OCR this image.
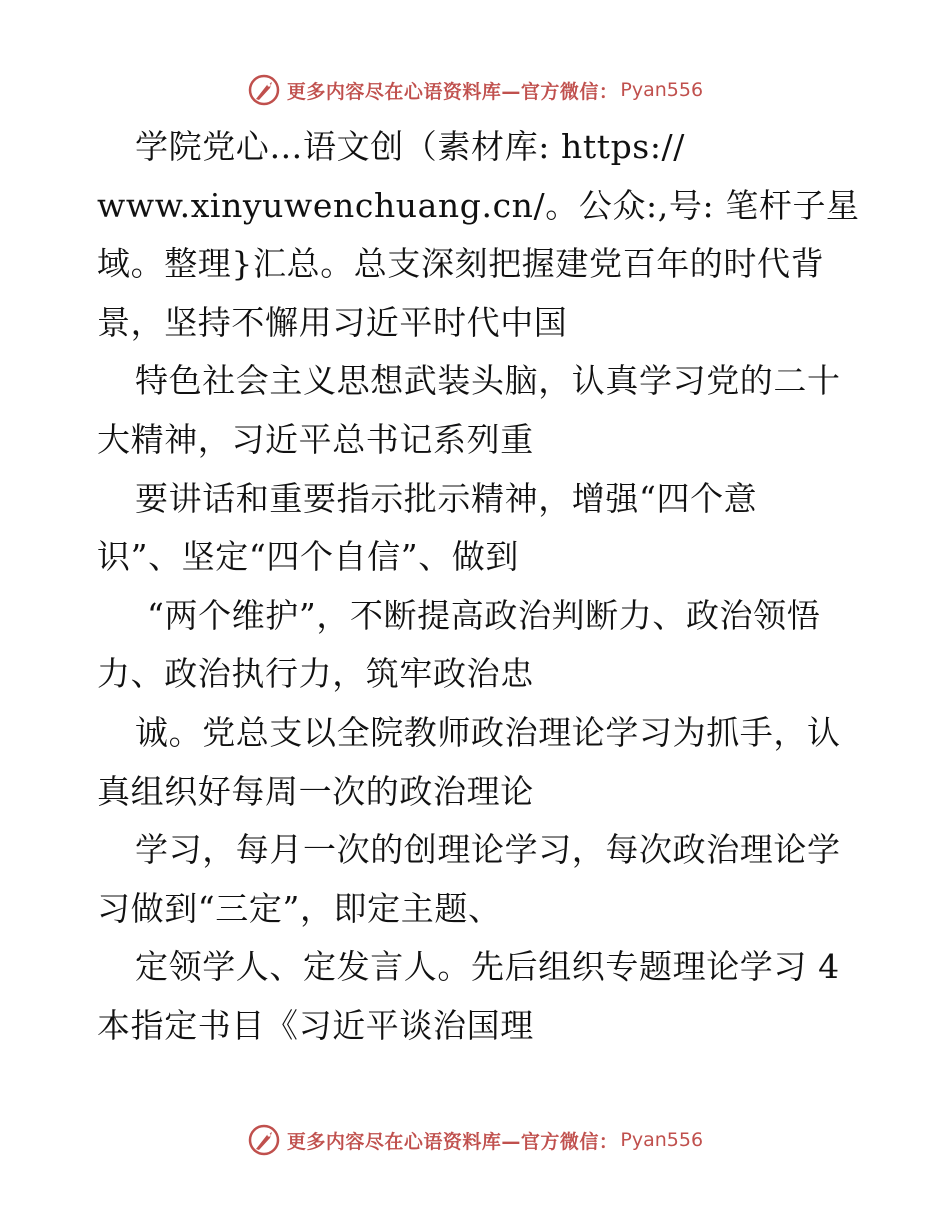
更多内容尽在心语资料库—官方微信： Pyan556
学院党心…语文创（素材库: https://
www.xinyuwenchuang.cn/。公众:,号: 笔杆子星
域。整理}汇总。总支深刻把握建党百年的时代背
景，坚持不懈用习近平时代中国
特色社会主义思想武装头脑，认真学习党的二十
大精神，习近平总书记系列重
要讲话和重要指示批示精神，增强“四个意
识”、坚定“四个自信”、做到
“两个维护”，不断提高政治判断力、政治领悟
力、政治执行力，筑牢政治忠
诚。党总支以全院教师政治理论学习为抓手，认
真组织好每周一次的政治理论
学习，每月一次的创理论学习，每次政治理论学
习做到“三定”，即定主题、
定领学人、定发言人。先后组织专题理论学习 4
本指定书目《习近平谈治国理
更多内容尽在心语资料库—官方微信： Pyan556
